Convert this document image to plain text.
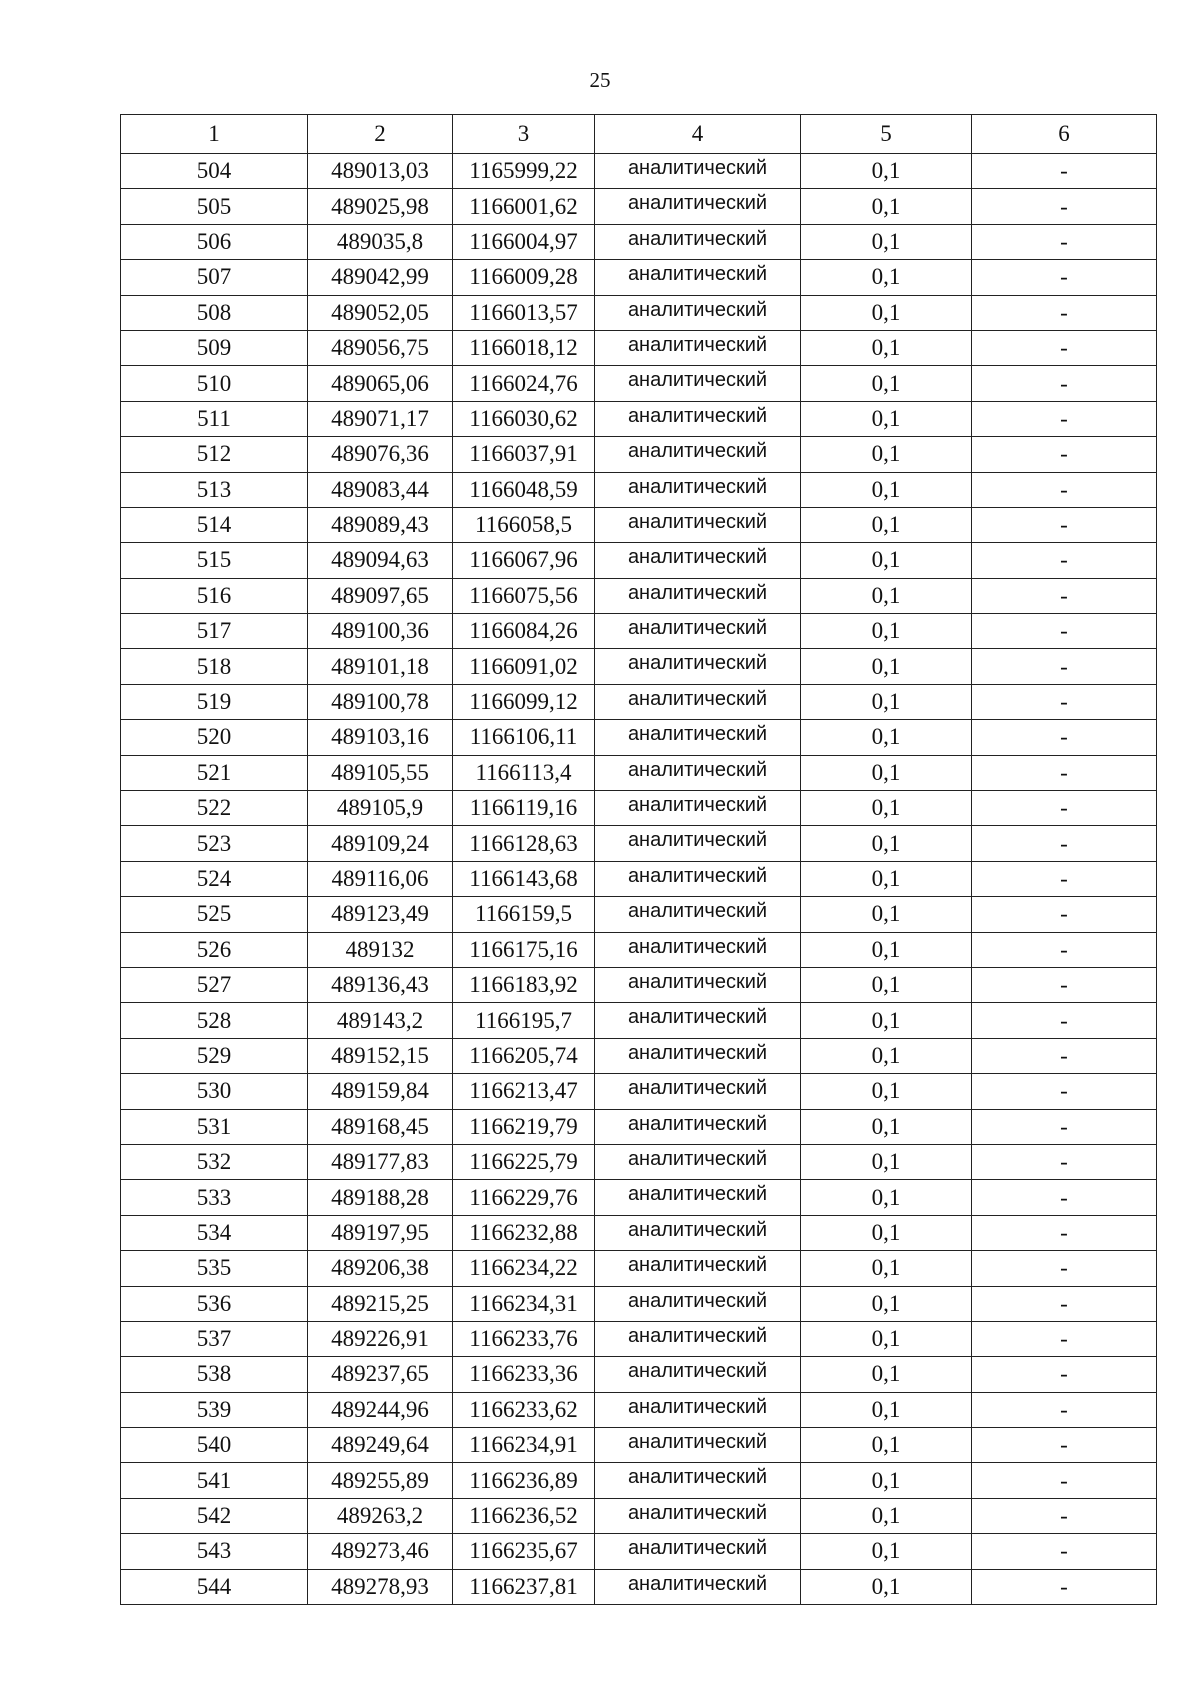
25
1	2	3	4	5	6
504	489013,03	1165999,22	аналитический	0,1	-
505	489025,98	1166001,62	аналитический	0,1	-
506	489035,8	1166004,97	аналитический	0,1	-
507	489042,99	1166009,28	аналитический	0,1	-
508	489052,05	1166013,57	аналитический	0,1	-
509	489056,75	1166018,12	аналитический	0,1	-
510	489065,06	1166024,76	аналитический	0,1	-
511	489071,17	1166030,62	аналитический	0,1	-
512	489076,36	1166037,91	аналитический	0,1	-
513	489083,44	1166048,59	аналитический	0,1	-
514	489089,43	1166058,5	аналитический	0,1	-
515	489094,63	1166067,96	аналитический	0,1	-
516	489097,65	1166075,56	аналитический	0,1	-
517	489100,36	1166084,26	аналитический	0,1	-
518	489101,18	1166091,02	аналитический	0,1	-
519	489100,78	1166099,12	аналитический	0,1	-
520	489103,16	1166106,11	аналитический	0,1	-
521	489105,55	1166113,4	аналитический	0,1	-
522	489105,9	1166119,16	аналитический	0,1	-
523	489109,24	1166128,63	аналитический	0,1	-
524	489116,06	1166143,68	аналитический	0,1	-
525	489123,49	1166159,5	аналитический	0,1	-
526	489132	1166175,16	аналитический	0,1	-
527	489136,43	1166183,92	аналитический	0,1	-
528	489143,2	1166195,7	аналитический	0,1	-
529	489152,15	1166205,74	аналитический	0,1	-
530	489159,84	1166213,47	аналитический	0,1	-
531	489168,45	1166219,79	аналитический	0,1	-
532	489177,83	1166225,79	аналитический	0,1	-
533	489188,28	1166229,76	аналитический	0,1	-
534	489197,95	1166232,88	аналитический	0,1	-
535	489206,38	1166234,22	аналитический	0,1	-
536	489215,25	1166234,31	аналитический	0,1	-
537	489226,91	1166233,76	аналитический	0,1	-
538	489237,65	1166233,36	аналитический	0,1	-
539	489244,96	1166233,62	аналитический	0,1	-
540	489249,64	1166234,91	аналитический	0,1	-
541	489255,89	1166236,89	аналитический	0,1	-
542	489263,2	1166236,52	аналитический	0,1	-
543	489273,46	1166235,67	аналитический	0,1	-
544	489278,93	1166237,81	аналитический	0,1	-
